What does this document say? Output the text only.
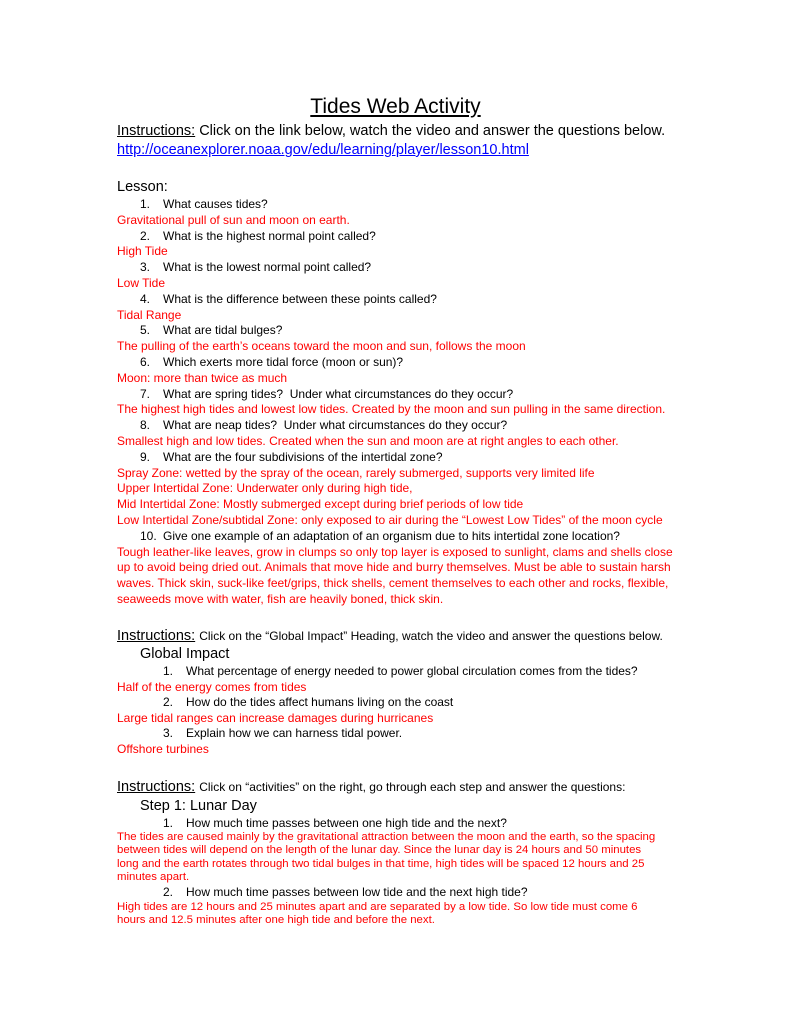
Tides Web Activity
Instructions: Click on the link below, watch the video and answer the questions below.
http://oceanexplorer.noaa.gov/edu/learning/player/lesson10.html
Lesson:
1. What causes tides?
Gravitational pull of sun and moon on earth.
2. What is the highest normal point called?
High Tide
3. What is the lowest normal point called?
Low Tide
4. What is the difference between these points called?
Tidal Range
5. What are tidal bulges?
The pulling of the earth’s oceans toward the moon and sun, follows the moon
6. Which exerts more tidal force (moon or sun)?
Moon: more than twice as much
7. What are spring tides?  Under what circumstances do they occur?
The highest high tides and lowest low tides. Created by the moon and sun pulling in the same direction.
8. What are neap tides?  Under what circumstances do they occur?
Smallest high and low tides. Created when the sun and moon are at right angles to each other.
9. What are the four subdivisions of the intertidal zone?
Spray Zone: wetted by the spray of the ocean, rarely submerged, supports very limited life
Upper Intertidal Zone: Underwater only during high tide,
Mid Intertidal Zone: Mostly submerged except during brief periods of low tide
Low Intertidal Zone/subtidal Zone: only exposed to air during the “Lowest Low Tides” of the moon cycle
10. Give one example of an adaptation of an organism due to hits intertidal zone location?
Tough leather-like leaves, grow in clumps so only top layer is exposed to sunlight, clams and shells close
up to avoid being dried out. Animals that move hide and burry themselves. Must be able to sustain harsh
waves. Thick skin, suck-like feet/grips, thick shells, cement themselves to each other and rocks, flexible,
seaweeds move with water, fish are heavily boned, thick skin.
Instructions: Click on the “Global Impact” Heading, watch the video and answer the questions below.
Global Impact
1. What percentage of energy needed to power global circulation comes from the tides?
Half of the energy comes from tides
2. How do the tides affect humans living on the coast
Large tidal ranges can increase damages during hurricanes
3. Explain how we can harness tidal power.
Offshore turbines
Instructions: Click on “activities” on the right, go through each step and answer the questions:
Step 1: Lunar Day
1. How much time passes between one high tide and the next?
The tides are caused mainly by the gravitational attraction between the moon and the earth, so the spacing
between tides will depend on the length of the lunar day. Since the lunar day is 24 hours and 50 minutes
long and the earth rotates through two tidal bulges in that time, high tides will be spaced 12 hours and 25
minutes apart.
2. How much time passes between low tide and the next high tide?
High tides are 12 hours and 25 minutes apart and are separated by a low tide. So low tide must come 6
hours and 12.5 minutes after one high tide and before the next.
